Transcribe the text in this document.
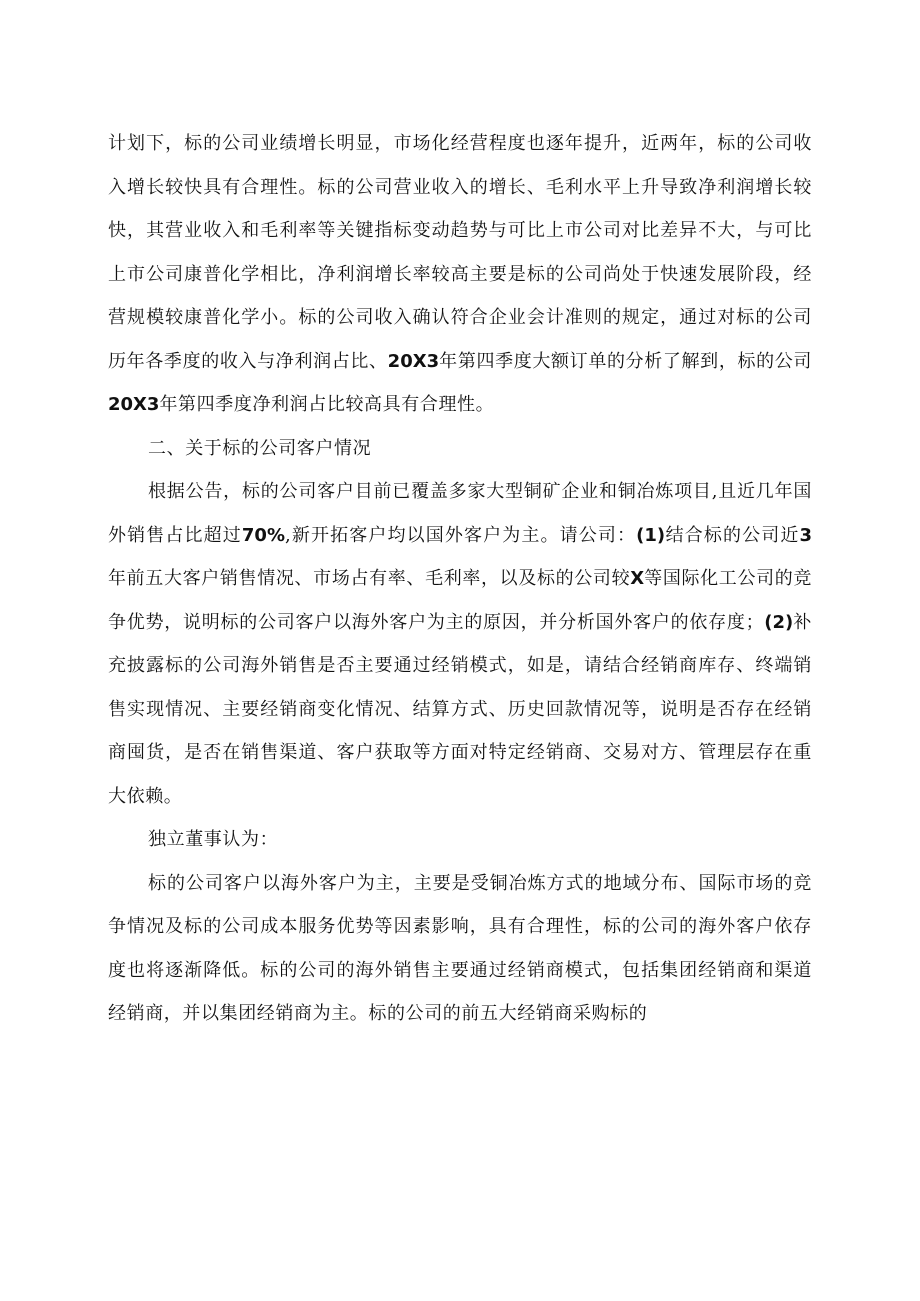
计划下，标的公司业绩增长明显，市场化经营程度也逐年提升，近两年，标的公司收入增长较快具有合理性。标的公司营业收入的增长、毛利水平上升导致净利润增长较快，其营业收入和毛利率等关键指标变动趋势与可比上市公司对比差异不大，与可比上市公司康普化学相比，净利润增长率较高主要是标的公司尚处于快速发展阶段，经营规模较康普化学小。标的公司收入确认符合企业会计准则的规定，通过对标的公司历年各季度的收入与净利润占比、20X3年第四季度大额订单的分析了解到，标的公司20X3年第四季度净利润占比较高具有合理性。

二、关于标的公司客户情况

根据公告，标的公司客户目前已覆盖多家大型铜矿企业和铜冶炼项目,且近几年国外销售占比超过70%,新开拓客户均以国外客户为主。请公司：(1)结合标的公司近3年前五大客户销售情况、市场占有率、毛利率，以及标的公司较X等国际化工公司的竞争优势，说明标的公司客户以海外客户为主的原因，并分析国外客户的依存度；(2)补充披露标的公司海外销售是否主要通过经销模式，如是，请结合经销商库存、终端销售实现情况、主要经销商变化情况、结算方式、历史回款情况等，说明是否存在经销商囤货，是否在销售渠道、客户获取等方面对特定经销商、交易对方、管理层存在重大依赖。

独立董事认为：

标的公司客户以海外客户为主，主要是受铜冶炼方式的地域分布、国际市场的竞争情况及标的公司成本服务优势等因素影响，具有合理性，标的公司的海外客户依存度也将逐渐降低。标的公司的海外销售主要通过经销商模式，包括集团经销商和渠道经销商，并以集团经销商为主。标的公司的前五大经销商采购标的
